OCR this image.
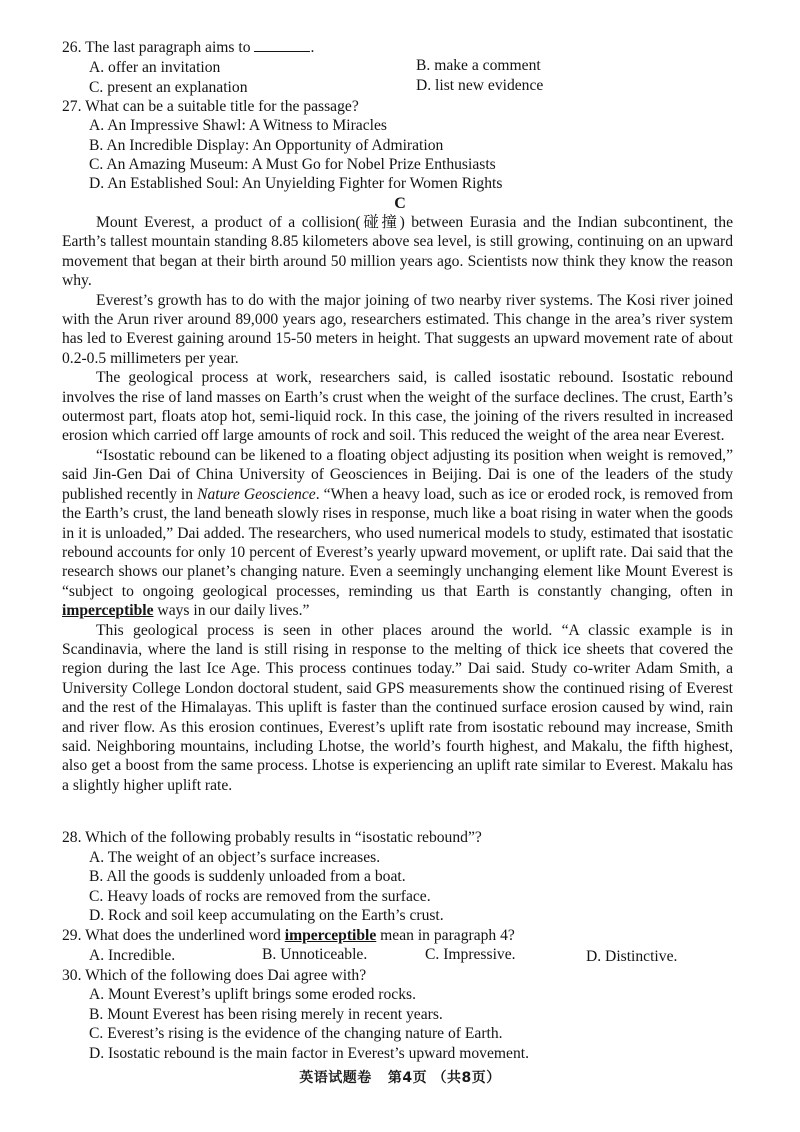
26. The last paragraph aims to	.
A. offer an invitation	B. make a comment
C. present an explanation	D. list new evidence
27. What can be a suitable title for the passage?
A. An Impressive Shawl: A Witness to Miracles
B. An Incredible Display: An Opportunity of Admiration
C. An Amazing Museum: A Must Go for Nobel Prize Enthusiasts
D. An Established Soul: An Unyielding Fighter for Women Rights
C

Mount Everest, a product of a collision(碰撞) between Eurasia and the Indian subcontinent, the Earth’s tallest mountain standing 8.85 kilometers above sea level, is still growing, continuing on an upward movement that began at their birth around 50 million years ago. Scientists now think they know the reason why.

Everest’s growth has to do with the major joining of two nearby river systems. The Kosi river joined with the Arun river around 89,000 years ago, researchers estimated. This change in the area’s river system has led to Everest gaining around 15-50 meters in height. That suggests an upward movement rate of about 0.2-0.5 millimeters per year.

The geological process at work, researchers said, is called isostatic rebound. Isostatic rebound involves the rise of land masses on Earth’s crust when the weight of the surface declines. The crust, Earth’s outermost part, floats atop hot, semi-liquid rock. In this case, the joining of the rivers resulted in increased erosion which carried off large amounts of rock and soil. This reduced the weight of the area near Everest.

“Isostatic rebound can be likened to a floating object adjusting its position when weight is removed,” said Jin-Gen Dai of China University of Geosciences in Beijing. Dai is one of the leaders of the study published recently in Nature Geoscience. “When a heavy load, such as ice or eroded rock, is removed from the Earth’s crust, the land beneath slowly rises in response, much like a boat rising in water when the goods in it is unloaded,” Dai added. The researchers, who used numerical models to study, estimated that isostatic rebound accounts for only 10 percent of Everest’s yearly upward movement, or uplift rate. Dai said that the research shows our planet’s changing nature. Even a seemingly unchanging element like Mount Everest is “subject to ongoing geological processes, reminding us that Earth is constantly changing, often in imperceptible ways in our daily lives.”

This geological process is seen in other places around the world. “A classic example is in Scandinavia, where the land is still rising in response to the melting of thick ice sheets that covered the region during the last Ice Age. This process continues today.” Dai said. Study co-writer Adam Smith, a University College London doctoral student, said GPS measurements show the continued rising of Everest and the rest of the Himalayas. This uplift is faster than the continued surface erosion caused by wind, rain and river flow. As this erosion continues, Everest’s uplift rate from isostatic rebound may increase, Smith said. Neighboring mountains, including Lhotse, the world’s fourth highest, and Makalu, the fifth highest, also get a boost from the same process. Lhotse is experiencing an uplift rate similar to Everest. Makalu has a slightly higher uplift rate.

28. Which of the following probably results in “isostatic rebound”?
A. The weight of an object’s surface increases.
B. All the goods is suddenly unloaded from a boat.
C. Heavy loads of rocks are removed from the surface.
D. Rock and soil keep accumulating on the Earth’s crust.
29. What does the underlined word imperceptible mean in paragraph 4?
A. Incredible.	B. Unnoticeable.	C. Impressive.	D. Distinctive.
30. Which of the following does Dai agree with?
A. Mount Everest’s uplift brings some eroded rocks.
B. Mount Everest has been rising merely in recent years.
C. Everest’s rising is the evidence of the changing nature of Earth.
D. Isostatic rebound is the main factor in Everest’s upward movement.
英语试题卷   第4页 （共8页）
